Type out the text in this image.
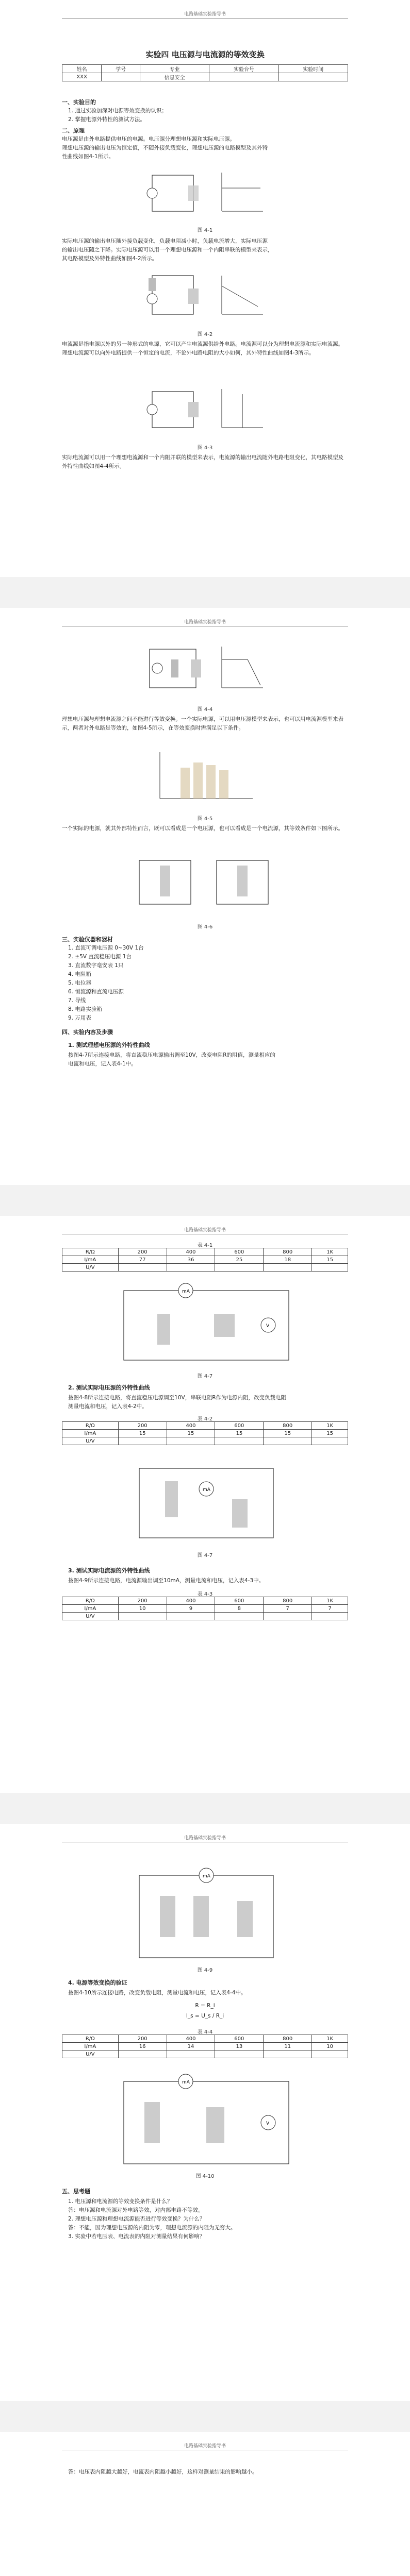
电路基础实验指导书
实验四 电压源与电流源的等效变换
姓名	学号	专业	实验台号	实验时间
XXX		信息安全		
一、实验目的
1. 通过实验加深对电源等效变换的认识；
2. 掌握电源外特性的测试方法。
二、原理
电压源是由外电路提供电压的电源。电压源分理想电压源和实际电压源。
理想电压源的输出电压为恒定值，不随外接负载变化，理想电压源的电路模型及其外特
性曲线如图4-1所示。
图 4-1
实际电压源的输出电压随外接负载变化，负载电阻减小时，负载电流增大，实际电压源
的输出电压随之下降。实际电压源可以用一个理想电压源和一个内阻串联的模型来表示，
其电路模型及外特性曲线如图4-2所示。
图 4-2
电流源是指电源以外的另一种形式的电源，它可以产生电流源供给外电路。电流源可以分为理想电流源和实际电流源。理想电流源可以向外电路提供一个恒定的电流，不论外电路电阻的大小如何，其外特性曲线如图4-3所示。
图 4-3
实际电流源可以用一个理想电流源和一个内阻并联的模型来表示，电流源的输出电流随外电路电阻变化，其电路模型及外特性曲线如图4-4所示。
电路基础实验指导书
图 4-4
理想电压源与理想电流源之间不能进行等效变换。一个实际电源，可以用电压源模型来表示，也可以用电流源模型来表示，两者对外电路是等效的，如图4-5所示，在等效变换时需满足以下条件。
图 4-5
一个实际的电源，就其外部特性而言，既可以看成是一个电压源，也可以看成是一个电流源，其等效条件如下图所示。
图 4-6
三、实验仪器和器材
1. 直流可调电压源 0~30V 1台
2. ±5V 直流稳压电源 1台
3. 直流数字毫安表 1只
4. 电阻箱
5. 电位器
6. 恒流源和直流电压源
7. 导线
8. 电路实验箱
9. 万用表
四、实验内容及步骤
1. 测试理想电压源的外特性曲线
按图4-7所示连接电路，将直流稳压电源输出调至10V，改变电阻R的阻值，测量相应的
电流和电压，记入表4-1中。
电路基础实验指导书
表 4-1
R/Ω	200	400	600	800	1K
I/mA	77	36	25	18	15
U/V					
mA
V
图 4-7
2. 测试实际电压源的外特性曲线
按图4-8所示连接电路，将直流稳压电源调至10V，串联电阻R作为电源内阻，改变负载电阻
测量电流和电压，记入表4-2中。
表 4-2
R/Ω	200	400	600	800	1K
I/mA	15	15	15	15	15
U/V					
mA
图 4-7
3. 测试实际电流源的外特性曲线
按图4-9所示连接电路，电流源输出调至10mA，测量电流和电压，记入表4-3中。
表 4-3
R/Ω	200	400	600	800	1K
I/mA	10	9	8	7	7
U/V					
电路基础实验指导书
mA
图 4-9
4. 电源等效变换的验证
按图4-10所示连接电路，改变负载电阻，测量电流和电压，记入表4-4中。
R = R_i
I_s = U_s / R_i
表 4-4
R/Ω	200	400	600	800	1K
I/mA	16	14	13	11	10
U/V					
mA
V
图 4-10
五、思考题
1. 电压源和电流源的等效变换条件是什么？
答：电压源和电流源对外电路等效，对内部电路不等效。
2. 理想电压源和理想电流源能否进行等效变换？为什么？
答：不能，因为理想电压源的内阻为零，理想电流源的内阻为无穷大。
3. 实验中若电压表、电流表的内阻对测量结果有何影响？
电路基础实验指导书
答：电压表内阻越大越好，电流表内阻越小越好，这样对测量结果的影响越小。
